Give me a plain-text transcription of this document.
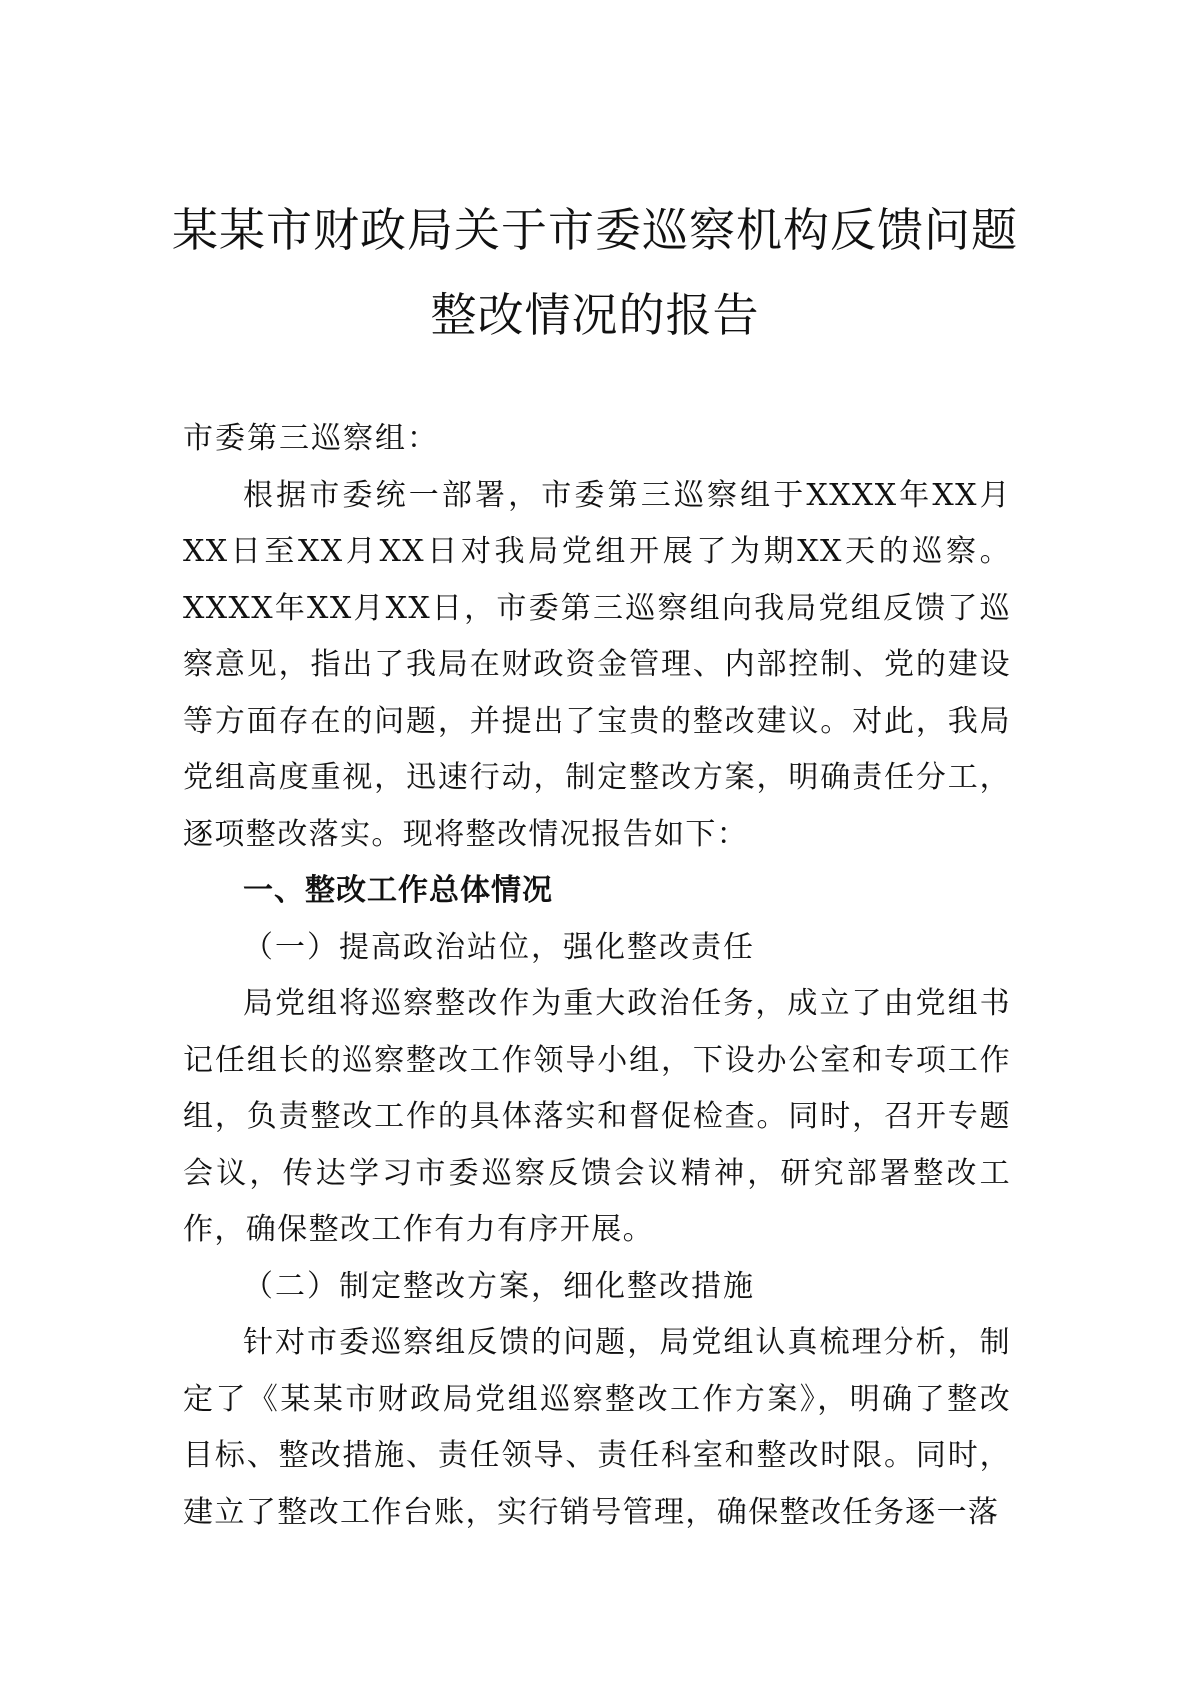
某某市财政局关于市委巡察机构反馈问题
整改情况的报告

市委第三巡察组：

根据市委统一部署，市委第三巡察组于XXXX年XX月XX日至XX月XX日对我局党组开展了为期XX天的巡察。XXXX年XX月XX日，市委第三巡察组向我局党组反馈了巡察意见，指出了我局在财政资金管理、内部控制、党的建设等方面存在的问题，并提出了宝贵的整改建议。对此，我局党组高度重视，迅速行动，制定整改方案，明确责任分工，逐项整改落实。现将整改情况报告如下：

一、整改工作总体情况

（一）提高政治站位，强化整改责任

局党组将巡察整改作为重大政治任务，成立了由党组书记任组长的巡察整改工作领导小组，下设办公室和专项工作组，负责整改工作的具体落实和督促检查。同时，召开专题会议，传达学习市委巡察反馈会议精神，研究部署整改工作，确保整改工作有力有序开展。

（二）制定整改方案，细化整改措施

针对市委巡察组反馈的问题，局党组认真梳理分析，制定了《某某市财政局党组巡察整改工作方案》，明确了整改目标、整改措施、责任领导、责任科室和整改时限。同时，建立了整改工作台账，实行销号管理，确保整改任务逐一落
